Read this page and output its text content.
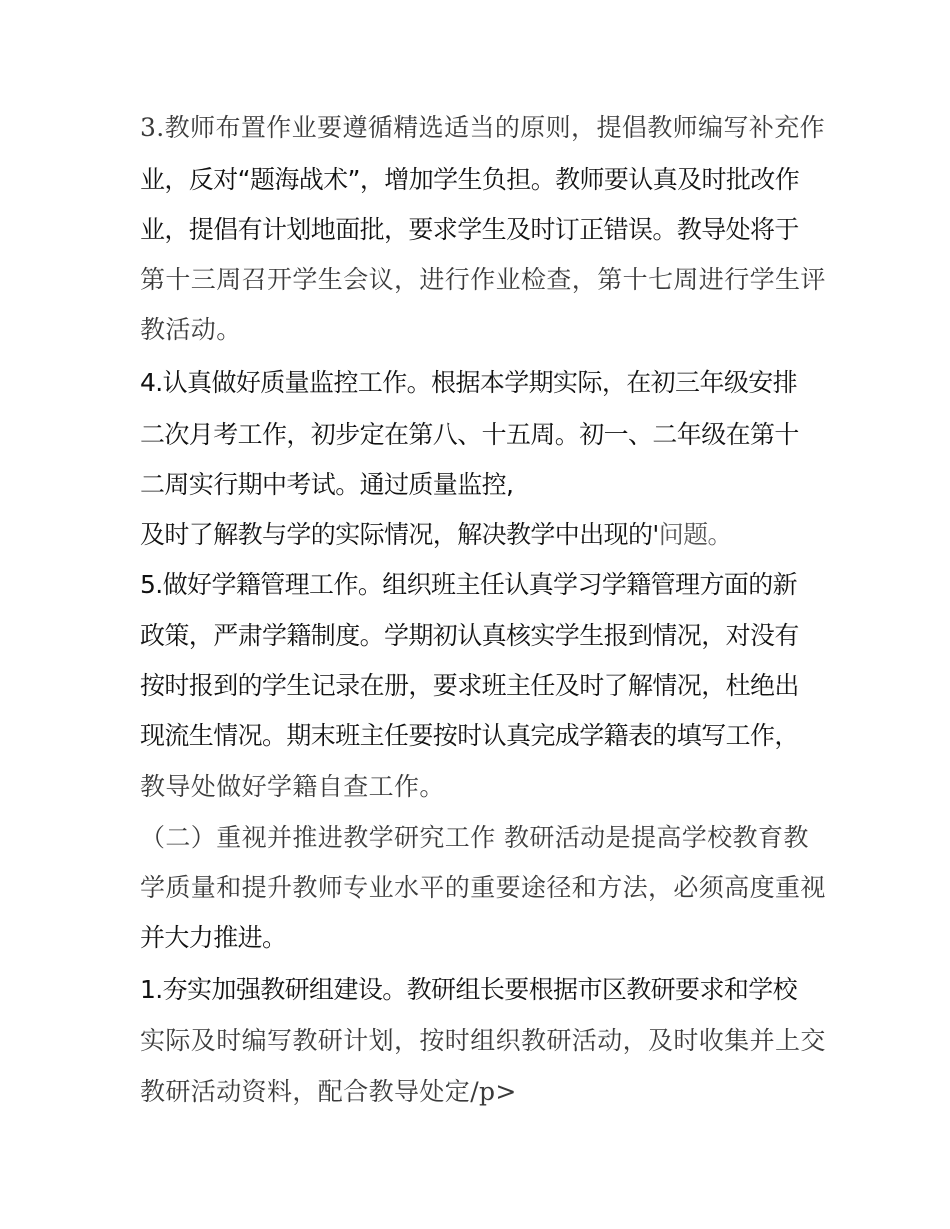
3.教师布置作业要遵循精选适当的原则，提倡教师编写补充作
业，反对“题海战术”，增加学生负担。教师要认真及时批改作
业，提倡有计划地面批，要求学生及时订正错误。教导处将于
第十三周召开学生会议，进行作业检查，第十七周进行学生评
教活动。
4.认真做好质量监控工作。根据本学期实际，在初三年级安排
二次月考工作，初步定在第八、十五周。初一、二年级在第十
二周实行期中考试。通过质量监控,
及时了解教与学的实际情况，解决教学中出现的'问题。
5.做好学籍管理工作。组织班主任认真学习学籍管理方面的新
政策，严肃学籍制度。学期初认真核实学生报到情况，对没有
按时报到的学生记录在册，要求班主任及时了解情况，杜绝出
现流生情况。期末班主任要按时认真完成学籍表的填写工作，
教导处做好学籍自查工作。
（二）重视并推进教学研究工作 教研活动是提高学校教育教
学质量和提升教师专业水平的重要途径和方法，必须高度重视
并大力推进。
1.夯实加强教研组建设。教研组长要根据市区教研要求和学校
实际及时编写教研计划，按时组织教研活动，及时收集并上交
教研活动资料，配合教导处定/p>
